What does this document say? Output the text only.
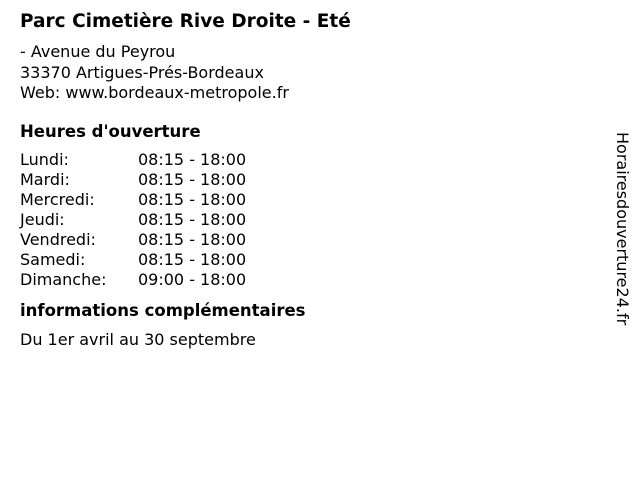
Parc Cimetière Rive Droite - Eté
- Avenue du Peyrou
33370 Artigues-Prés-Bordeaux
Web: www.bordeaux-metropole.fr
Heures d'ouverture
Lundi:	08:15 - 18:00
Mardi:	08:15 - 18:00
Mercredi:	08:15 - 18:00
Jeudi:	08:15 - 18:00
Vendredi:	08:15 - 18:00
Samedi:	08:15 - 18:00
Dimanche:	09:00 - 18:00
informations complémentaires
Du 1er avril au 30 septembre
Horairesdouverture24.fr
